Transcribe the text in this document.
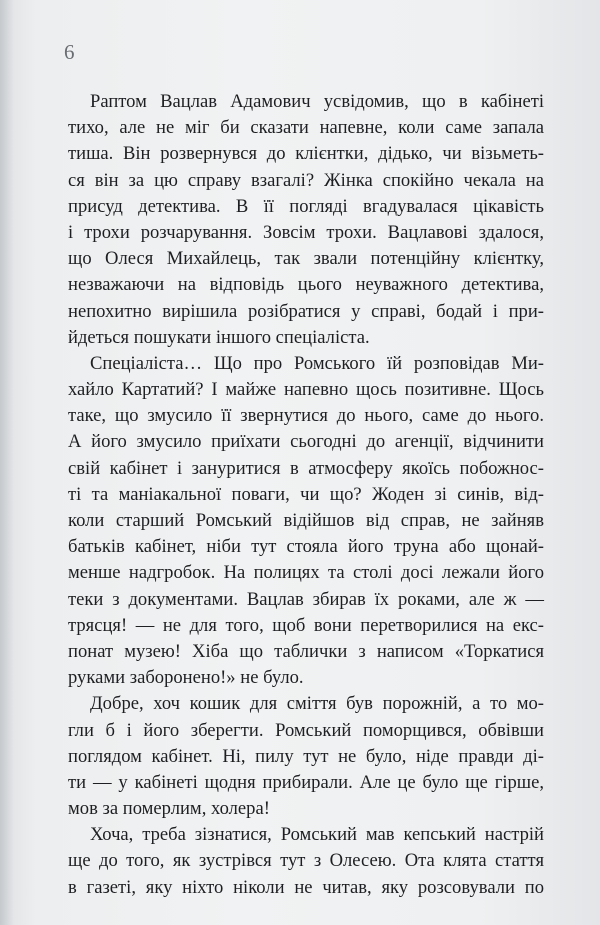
6
Раптом Вацлав Адамович усвідомив, що в кабінеті
тихо, але не міг би сказати напевне, коли саме запала
тиша. Він розвернувся до клієнтки, дідько, чи візьметь-
ся він за цю справу взагалі? Жінка спокійно чекала на
присуд детектива. В її погляді вгадувалася цікавість
і трохи розчарування. Зовсім трохи. Вацлавові здалося,
що Олеся Михайлець, так звали потенційну клієнтку,
незважаючи на відповідь цього неуважного детектива,
непохитно вирішила розібратися у справі, бодай і при-
йдеться пошукати іншого спеціаліста.
Спеціаліста… Що про Ромського їй розповідав Ми-
хайло Картатий? І майже напевно щось позитивне. Щось
таке, що змусило її звернутися до нього, саме до нього.
А його змусило приїхати сьогодні до агенції, відчинити
свій кабінет і зануритися в атмосферу якоїсь побожнос-
ті та маніакальної поваги, чи що? Жоден зі синів, від-
коли старший Ромський відійшов від справ, не зайняв
батьків кабінет, ніби тут стояла його труна або щонай-
менше надгробок. На полицях та столі досі лежали його
теки з документами. Вацлав збирав їх роками, але ж —
трясця! — не для того, щоб вони перетворилися на екс-
понат музею! Хіба що таблички з написом «Торкатися
руками заборонено!» не було.
Добре, хоч кошик для сміття був порожній, а то мо-
гли б і його зберегти. Ромський поморщився, обвівши
поглядом кабінет. Ні, пилу тут не було, ніде правди ді-
ти — у кабінеті щодня прибирали. Але це було ще гірше,
мов за померлим, холера!
Хоча, треба зізнатися, Ромський мав кепський настрій
ще до того, як зустрівся тут з Олесею. Ота клята стаття
в газеті, яку ніхто ніколи не читав, яку розсовували по
